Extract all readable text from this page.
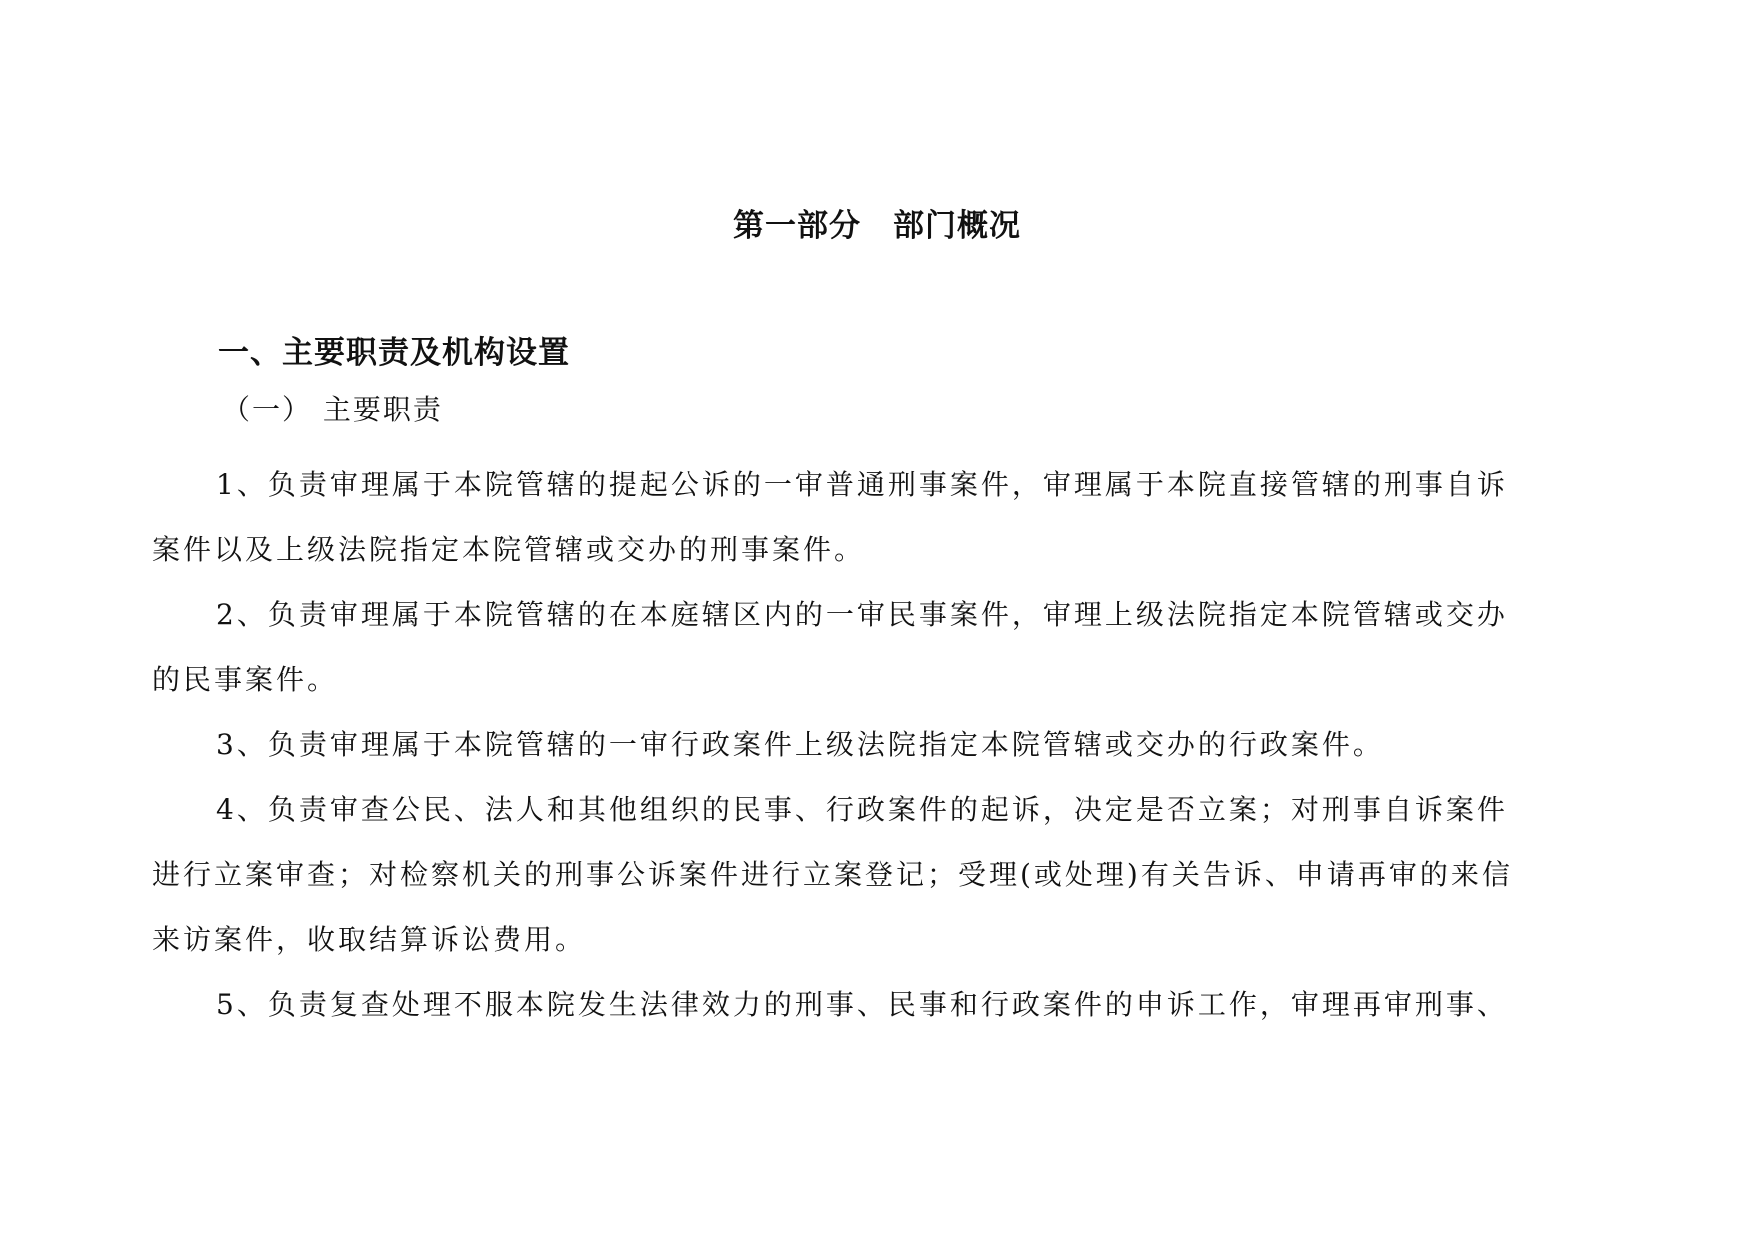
第一部分　部门概况
一、主要职责及机构设置
（一） 主要职责

1、负责审理属于本院管辖的提起公诉的一审普通刑事案件，审理属于本院直接管辖的刑事自诉
案件以及上级法院指定本院管辖或交办的刑事案件。

2、负责审理属于本院管辖的在本庭辖区内的一审民事案件，审理上级法院指定本院管辖或交办
的民事案件。

3、负责审理属于本院管辖的一审行政案件上级法院指定本院管辖或交办的行政案件。

4、负责审查公民、法人和其他组织的民事、行政案件的起诉，决定是否立案；对刑事自诉案件
进行立案审查；对检察机关的刑事公诉案件进行立案登记；受理(或处理)有关告诉、申请再审的来信
来访案件，收取结算诉讼费用。

5、负责复查处理不服本院发生法律效力的刑事、民事和行政案件的申诉工作，审理再审刑事、
